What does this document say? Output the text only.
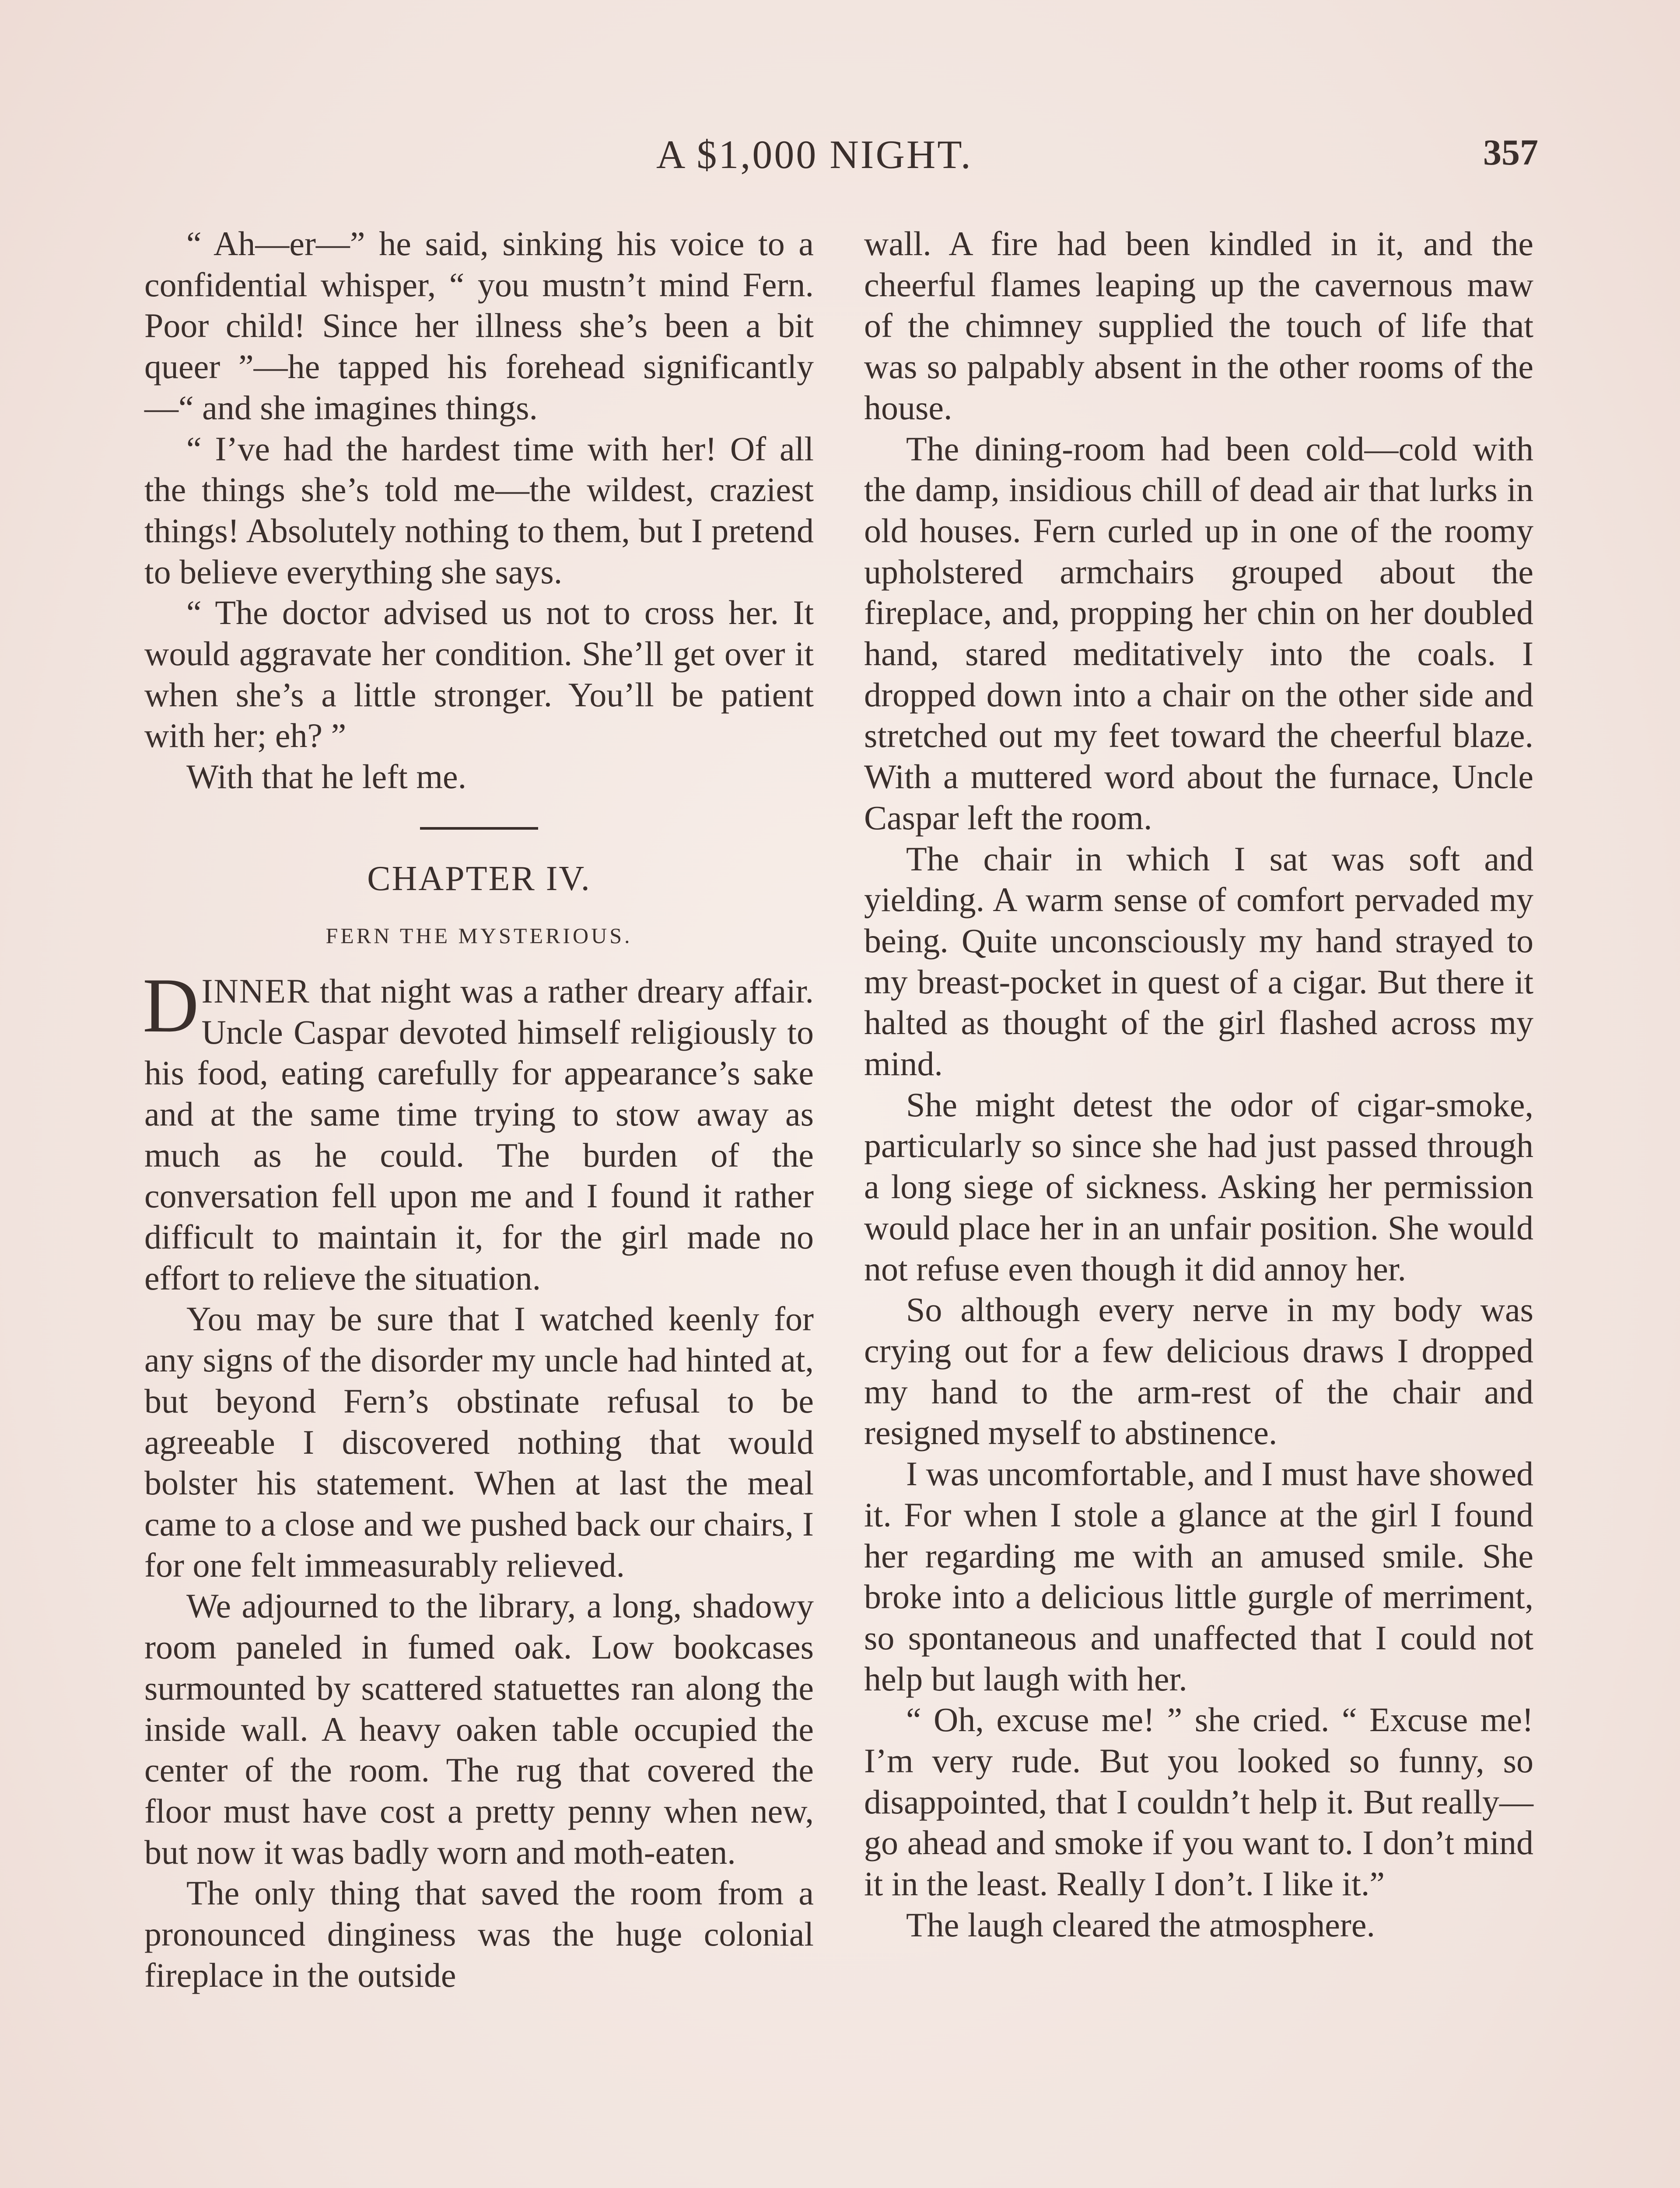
A $1,000 NIGHT.	357

“ Ah—er—” he said, sinking his voice to a confidential whisper, “ you mustn’t mind Fern. Poor child! Since her illness she’s been a bit queer ”—he tapped his forehead significantly—“ and she imagines things.

“ I’ve had the hardest time with her! Of all the things she’s told me—the wildest, craziest things! Absolutely nothing to them, but I pretend to believe everything she says.

“ The doctor advised us not to cross her. It would aggravate her condition. She’ll get over it when she’s a little stronger. You’ll be patient with her; eh? ”

With that he left me.

CHAPTER IV.
FERN THE MYSTERIOUS.

DINNER that night was a rather dreary affair. Uncle Caspar devoted himself religiously to his food, eating carefully for appearance’s sake and at the same time trying to stow away as much as he could. The burden of the conversation fell upon me and I found it rather difficult to maintain it, for the girl made no effort to relieve the situation.

You may be sure that I watched keenly for any signs of the disorder my uncle had hinted at, but beyond Fern’s obstinate refusal to be agreeable I discovered nothing that would bolster his statement. When at last the meal came to a close and we pushed back our chairs, I for one felt immeasurably relieved.

We adjourned to the library, a long, shadowy room paneled in fumed oak. Low bookcases surmounted by scattered statuettes ran along the inside wall. A heavy oaken table occupied the center of the room. The rug that covered the floor must have cost a pretty penny when new, but now it was badly worn and moth-eaten.

The only thing that saved the room from a pronounced dinginess was the huge colonial fireplace in the outside

wall. A fire had been kindled in it, and the cheerful flames leaping up the cavernous maw of the chimney supplied the touch of life that was so palpably absent in the other rooms of the house.

The dining-room had been cold—cold with the damp, insidious chill of dead air that lurks in old houses. Fern curled up in one of the roomy upholstered armchairs grouped about the fireplace, and, propping her chin on her doubled hand, stared meditatively into the coals. I dropped down into a chair on the other side and stretched out my feet toward the cheerful blaze. With a muttered word about the furnace, Uncle Caspar left the room.

The chair in which I sat was soft and yielding. A warm sense of comfort pervaded my being. Quite unconsciously my hand strayed to my breast-pocket in quest of a cigar. But there it halted as thought of the girl flashed across my mind.

She might detest the odor of cigar-smoke, particularly so since she had just passed through a long siege of sickness. Asking her permission would place her in an unfair position. She would not refuse even though it did annoy her.

So although every nerve in my body was crying out for a few delicious draws I dropped my hand to the arm-rest of the chair and resigned myself to abstinence.

I was uncomfortable, and I must have showed it. For when I stole a glance at the girl I found her regarding me with an amused smile. She broke into a delicious little gurgle of merriment, so spontaneous and unaffected that I could not help but laugh with her.

“ Oh, excuse me! ” she cried. “ Excuse me! I’m very rude. But you looked so funny, so disappointed, that I couldn’t help it. But really—go ahead and smoke if you want to. I don’t mind it in the least. Really I don’t. I like it.”

The laugh cleared the atmosphere.
